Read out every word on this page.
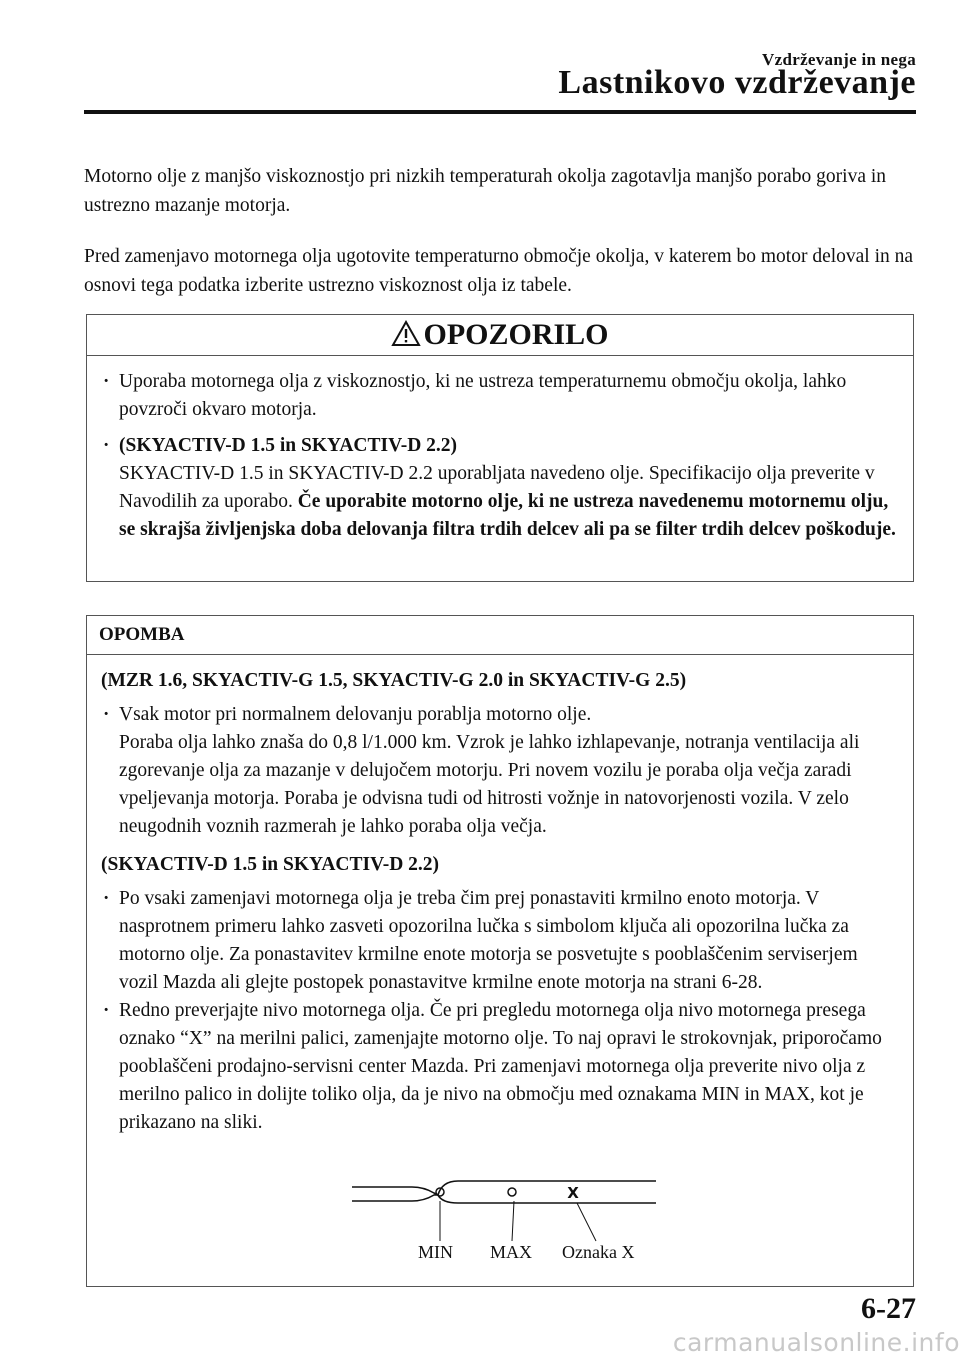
Vzdrževanje in nega
Lastnikovo vzdrževanje

Motorno olje z manjšo viskoznostjo pri nizkih temperaturah okolja zagotavlja manjšo porabo goriva in ustrezno mazanje motorja.

Pred zamenjavo motornega olja ugotovite temperaturno območje okolja, v katerem bo motor deloval in na osnovi tega podatka izberite ustrezno viskoznost olja iz tabele.

OPOZORILO

· Uporaba motornega olja z viskoznostjo, ki ne ustreza temperaturnemu območju okolja, lahko povzroči okvaro motorja.

· (SKYACTIV-D 1.5 in SKYACTIV-D 2.2)
SKYACTIV-D 1.5 in SKYACTIV-D 2.2 uporabljata navedeno olje. Specifikacijo olja preverite v Navodilih za uporabo. Če uporabite motorno olje, ki ne ustreza navedenemu motornemu olju, se skrajša življenjska doba delovanja filtra trdih delcev ali pa se filter trdih delcev poškoduje.

OPOMBA
(MZR 1.6, SKYACTIV-G 1.5, SKYACTIV-G 2.0 in SKYACTIV-G 2.5)

· Vsak motor pri normalnem delovanju porablja motorno olje.
Poraba olja lahko znaša do 0,8 l/1.000 km. Vzrok je lahko izhlapevanje, notranja ventilacija ali zgorevanje olja za mazanje v delujočem motorju. Pri novem vozilu je poraba olja večja zaradi vpeljevanja motorja. Poraba je odvisna tudi od hitrosti vožnje in natovorjenosti vozila. V zelo neugodnih voznih razmerah je lahko poraba olja večja.

(SKYACTIV-D 1.5 in SKYACTIV-D 2.2)

· Po vsaki zamenjavi motornega olja je treba čim prej ponastaviti krmilno enoto motorja. V nasprotnem primeru lahko zasveti opozorilna lučka s simbolom ključa ali opozorilna lučka za motorno olje. Za ponastavitev krmilne enote motorja se posvetujte s pooblaščenim serviserjem vozil Mazda ali glejte postopek ponastavitve krmilne enote motorja na strani 6-28.

· Redno preverjajte nivo motornega olja. Če pri pregledu motornega olja nivo motornega presega oznako “X” na merilni palici, zamenjajte motorno olje. To naj opravi le strokovnjak, priporočamo pooblaščeni prodajno-servisni center Mazda. Pri zamenjavi motornega olja preverite nivo olja z merilno palico in dolijte toliko olja, da je nivo na območju med oznakama MIN in MAX, kot je prikazano na sliki.

X
MIN MAX Oznaka X
6-27
carmanualsonline.info
